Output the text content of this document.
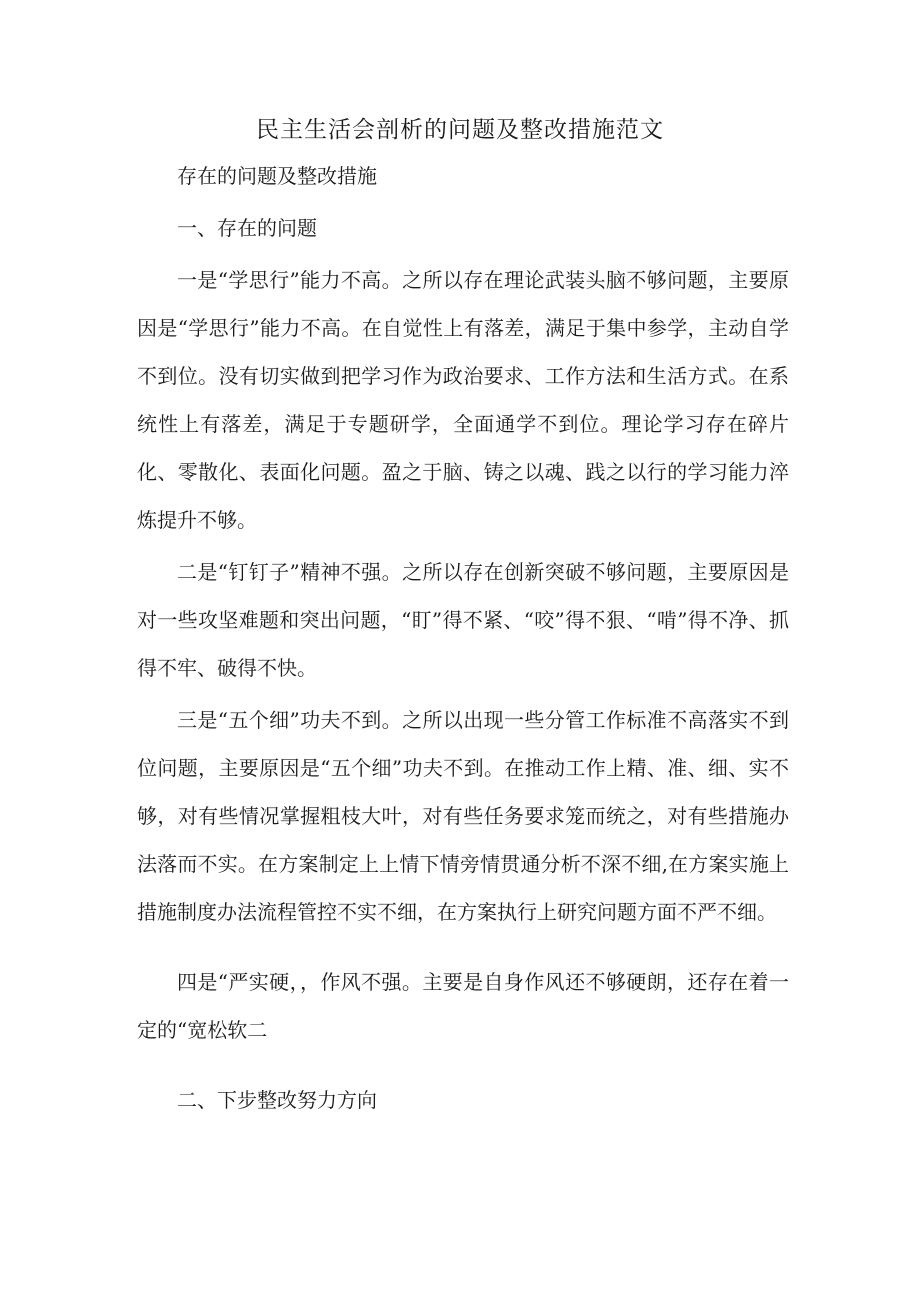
民主生活会剖析的问题及整改措施范文

存在的问题及整改措施

一、存在的问题

一是“学思行”能力不高。之所以存在理论武装头脑不够问题，主要原因是“学思行”能力不高。在自觉性上有落差，满足于集中参学，主动自学不到位。没有切实做到把学习作为政治要求、工作方法和生活方式。在系统性上有落差，满足于专题研学，全面通学不到位。理论学习存在碎片化、零散化、表面化问题。盈之于脑、铸之以魂、践之以行的学习能力淬炼提升不够。

二是“钉钉子”精神不强。之所以存在创新突破不够问题，主要原因是对一些攻坚难题和突出问题，“盯”得不紧、“咬”得不狠、“啃”得不净、抓得不牢、破得不快。

三是“五个细”功夫不到。之所以出现一些分管工作标准不高落实不到位问题，主要原因是“五个细”功夫不到。在推动工作上精、准、细、实不够，对有些情况掌握粗枝大叶，对有些任务要求笼而统之，对有些措施办法落而不实。在方案制定上上情下情旁情贯通分析不深不细,在方案实施上措施制度办法流程管控不实不细，在方案执行上研究问题方面不严不细。

四是“严实硬，，作风不强。主要是自身作风还不够硬朗，还存在着一定的“宽松软二

二、下步整改努力方向
